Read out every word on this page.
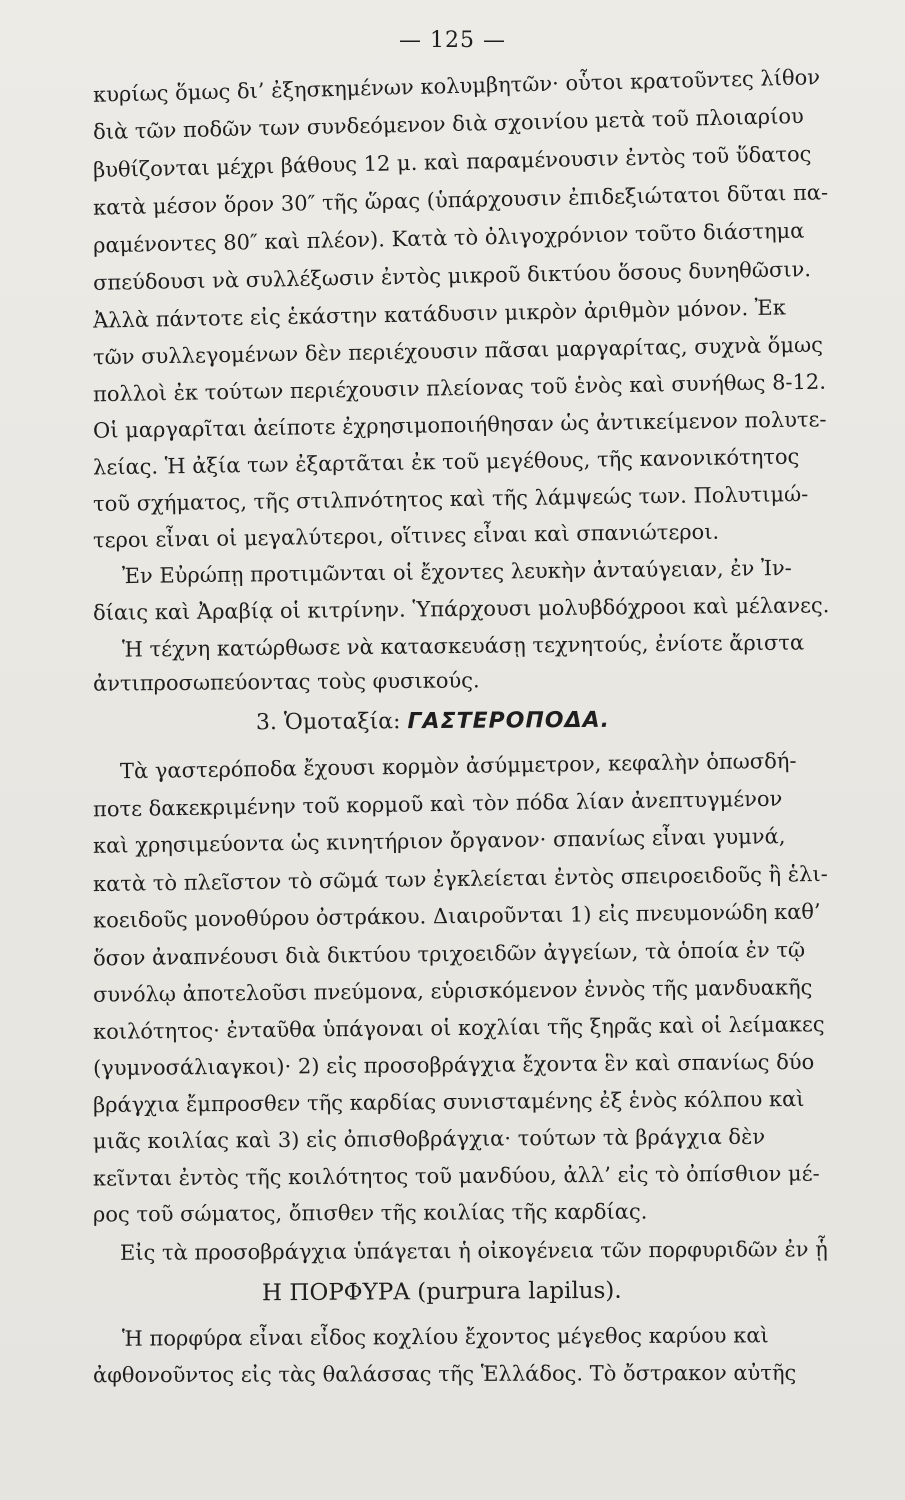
— 125 —
κυρίως ὅμως δι’ ἐξησκημένων κολυμβητῶν· οὗτοι κρατοῦντες λίθον
διὰ τῶν ποδῶν των συνδεόμενον διὰ σχοινίου μετὰ τοῦ πλοιαρίου
βυθίζονται μέχρι βάθους 12 μ. καὶ παραμένουσιν ἐντὸς τοῦ ὕδατος
κατὰ μέσον ὅρον 30″ τῆς ὥρας (ὑπάρχουσιν ἐπιδεξιώτατοι δῦται πα-
ραμένοντες 80″ καὶ πλέον). Κατὰ τὸ ὀλιγοχρόνιον τοῦτο διάστημα
σπεύδουσι νὰ συλλέξωσιν ἐντὸς μικροῦ δικτύου ὅσους δυνηθῶσιν.
Ἀλλὰ πάντοτε εἰς ἑκάστην κατάδυσιν μικρὸν ἀριθμὸν μόνον. Ἐκ
τῶν συλλεγομένων δὲν περιέχουσιν πᾶσαι μαργαρίτας, συχνὰ ὅμως
πολλοὶ ἐκ τούτων περιέχουσιν πλείονας τοῦ ἑνὸς καὶ συνήθως 8-12.
Οἱ μαργαρῖται ἀείποτε ἐχρησιμοποιήθησαν ὡς ἀντικείμενον πολυτε-
λείας. Ἡ ἀξία των ἐξαρτᾶται ἐκ τοῦ μεγέθους, τῆς κανονικότητος
τοῦ σχήματος, τῆς στιλπνότητος καὶ τῆς λάμψεώς των. Πολυτιμώ-
τεροι εἶναι οἱ μεγαλύτεροι, οἵτινες εἶναι καὶ σπανιώτεροι.
Ἐν Εὐρώπῃ προτιμῶνται οἱ ἔχοντες λευκὴν ἀνταύγειαν, ἐν Ἰν-
δίαις καὶ Ἀραβίᾳ οἱ κιτρίνην. Ὑπάρχουσι μολυβδόχροοι καὶ μέλανες.
Ἡ τέχνη κατώρθωσε νὰ κατασκευάσῃ τεχνητούς, ἐνίοτε ἄριστα
ἀντιπροσωπεύοντας τοὺς φυσικούς.
3. Ὁμοταξία: ΓΑΣΤΕΡΟΠΟΔΑ.
Τὰ γαστερόποδα ἔχουσι κορμὸν ἀσύμμετρον, κεφαλὴν ὁπωσδή-
ποτε δακεκριμένην τοῦ κορμοῦ καὶ τὸν πόδα λίαν ἀνεπτυγμένον
καὶ χρησιμεύοντα ὡς κινητήριον ὄργανον· σπανίως εἶναι γυμνά,
κατὰ τὸ πλεῖστον τὸ σῶμά των ἐγκλείεται ἐντὸς σπειροειδοῦς ἢ ἑλι-
κοειδοῦς μονοθύρου ὀστράκου. Διαιροῦνται 1) εἰς πνευμονώδη καθ’
ὅσον ἀναπνέουσι διὰ δικτύου τριχοειδῶν ἀγγείων, τὰ ὁποία ἐν τῷ
συνόλῳ ἀποτελοῦσι πνεύμονα, εὑρισκόμενον ἐννὸς τῆς μανδυακῆς
κοιλότητος· ἐνταῦθα ὑπάγοναι οἱ κοχλίαι τῆς ξηρᾶς καὶ οἱ λείμακες
(γυμνοσάλιαγκοι)· 2) εἰς προσοβράγχια ἔχοντα ἓν καὶ σπανίως δύο
βράγχια ἔμπροσθεν τῆς καρδίας συνισταμένης ἐξ ἑνὸς κόλπου καὶ
μιᾶς κοιλίας καὶ 3) εἰς ὀπισθοβράγχια· τούτων τὰ βράγχια δὲν
κεῖνται ἐντὸς τῆς κοιλότητος τοῦ μανδύου, ἀλλ’ εἰς τὸ ὀπίσθιον μέ-
ρος τοῦ σώματος, ὄπισθεν τῆς κοιλίας τῆς καρδίας.
Εἰς τὰ προσοβράγχια ὑπάγεται ἡ οἰκογένεια τῶν πορφυριδῶν ἐν ᾗ
Η ΠΟΡΦΥΡΑ (purpura lapilus).
Ἡ πορφύρα εἶναι εἶδος κοχλίου ἔχοντος μέγεθος καρύου καὶ
ἀφθονοῦντος εἰς τὰς θαλάσσας τῆς Ἑλλάδος. Τὸ ὄστρακον αὐτῆς
